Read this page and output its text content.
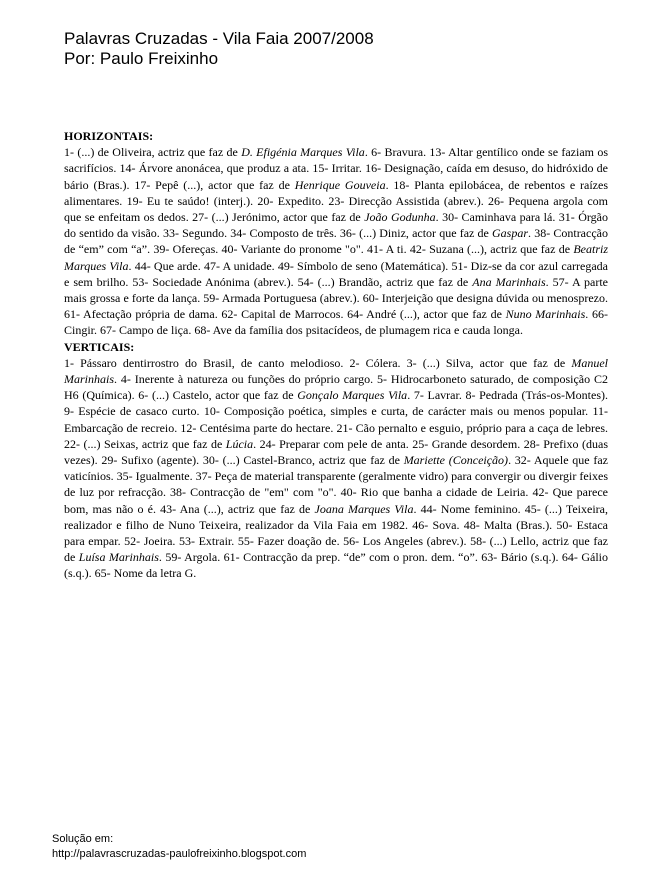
Palavras Cruzadas - Vila Faia 2007/2008
Por: Paulo Freixinho
HORIZONTAIS:
1- (...) de Oliveira, actriz que faz de D. Efigénia Marques Vila. 6- Bravura. 13- Altar gentílico onde se faziam os sacrifícios. 14- Árvore anonácea, que produz a ata. 15- Irritar. 16- Designação, caída em desuso, do hidróxido de bário (Bras.). 17- Pepê (...), actor que faz de Henrique Gouveia. 18- Planta epilobácea, de rebentos e raízes alimentares. 19- Eu te saúdo! (interj.). 20- Expedito. 23- Direcção Assistida (abrev.). 26- Pequena argola com que se enfeitam os dedos. 27- (...) Jerónimo, actor que faz de João Godunha. 30- Caminhava para lá. 31- Órgão do sentido da visão. 33- Segundo. 34- Composto de três. 36- (...) Diniz, actor que faz de Gaspar. 38- Contracção de “em” com “a”. 39- Ofereças. 40- Variante do pronome "o". 41- A ti. 42- Suzana (...), actriz que faz de Beatriz Marques Vila. 44- Que arde. 47- A unidade. 49- Símbolo de seno (Matemática). 51- Diz-se da cor azul carregada e sem brilho. 53- Sociedade Anónima (abrev.). 54- (...) Brandão, actriz que faz de Ana Marinhais. 57- A parte mais grossa e forte da lança. 59- Armada Portuguesa (abrev.). 60- Interjeição que designa dúvida ou menosprezo. 61- Afectação própria de dama. 62- Capital de Marrocos. 64- André (...), actor que faz de Nuno Marinhais. 66- Cingir. 67- Campo de liça. 68- Ave da família dos psitacídeos, de plumagem rica e cauda longa.
VERTICAIS:
1- Pássaro dentirrostro do Brasil, de canto melodioso. 2- Cólera. 3- (...) Silva, actor que faz de Manuel Marinhais. 4- Inerente à natureza ou funções do próprio cargo. 5- Hidrocarboneto saturado, de composição C2 H6 (Química). 6- (...) Castelo, actor que faz de Gonçalo Marques Vila. 7- Lavrar. 8- Pedrada (Trás-os-Montes). 9- Espécie de casaco curto. 10- Composição poética, simples e curta, de carácter mais ou menos popular. 11- Embarcação de recreio. 12- Centésima parte do hectare. 21- Cão pernalto e esguio, próprio para a caça de lebres. 22- (...) Seixas, actriz que faz de Lúcia. 24- Preparar com pele de anta. 25- Grande desordem. 28- Prefixo (duas vezes). 29- Sufixo (agente). 30- (...) Castel-Branco, actriz que faz de Mariette (Conceição). 32- Aquele que faz vaticínios. 35- Igualmente. 37- Peça de material transparente (geralmente vidro) para convergir ou divergir feixes de luz por refracção. 38- Contracção de "em" com "o". 40- Rio que banha a cidade de Leiria. 42- Que parece bom, mas não o é. 43- Ana (...), actriz que faz de Joana Marques Vila. 44- Nome feminino. 45- (...) Teixeira, realizador e filho de Nuno Teixeira, realizador da Vila Faia em 1982. 46- Sova. 48- Malta (Bras.). 50- Estaca para empar. 52- Joeira. 53- Extrair. 55- Fazer doação de. 56- Los Angeles (abrev.). 58- (...) Lello, actriz que faz de Luísa Marinhais. 59- Argola. 61- Contracção da prep. “de” com o pron. dem. “o”. 63- Bário (s.q.). 64- Gálio (s.q.). 65- Nome da letra G.
Solução em:
http://palavrascruzadas-paulofreixinho.blogspot.com
